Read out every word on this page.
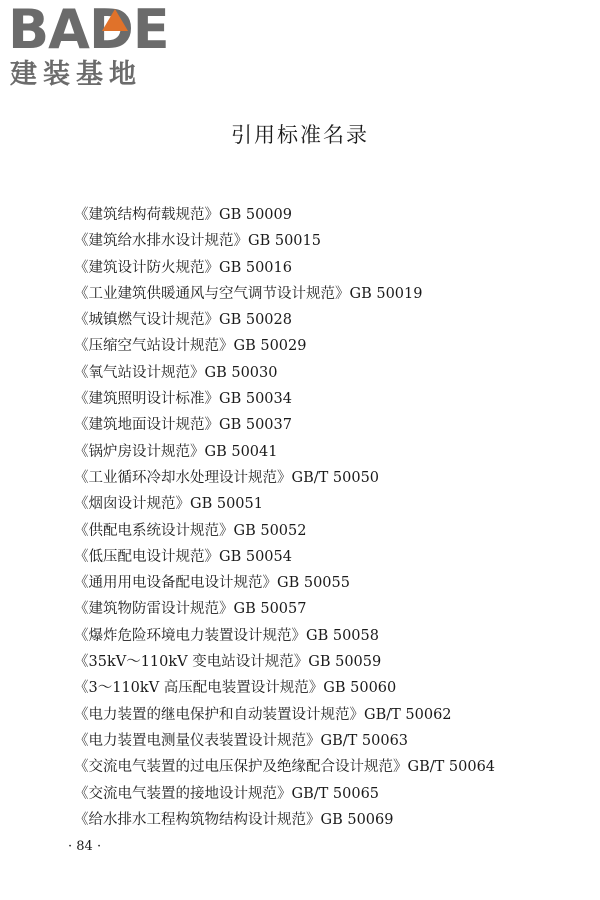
BADE
建装基地
引用标准名录
《建筑结构荷载规范》GB 50009
《建筑给水排水设计规范》GB 50015
《建筑设计防火规范》GB 50016
《工业建筑供暖通风与空气调节设计规范》GB 50019
《城镇燃气设计规范》GB 50028
《压缩空气站设计规范》GB 50029
《氧气站设计规范》GB 50030
《建筑照明设计标准》GB 50034
《建筑地面设计规范》GB 50037
《锅炉房设计规范》GB 50041
《工业循环冷却水处理设计规范》GB/T 50050
《烟囱设计规范》GB 50051
《供配电系统设计规范》GB 50052
《低压配电设计规范》GB 50054
《通用用电设备配电设计规范》GB 50055
《建筑物防雷设计规范》GB 50057
《爆炸危险环境电力装置设计规范》GB 50058
《35kV～110kV 变电站设计规范》GB 50059
《3～110kV 高压配电装置设计规范》GB 50060
《电力装置的继电保护和自动装置设计规范》GB/T 50062
《电力装置电测量仪表装置设计规范》GB/T 50063
《交流电气装置的过电压保护及绝缘配合设计规范》GB/T 50064
《交流电气装置的接地设计规范》GB/T 50065
《给水排水工程构筑物结构设计规范》GB 50069
· 84 ·
